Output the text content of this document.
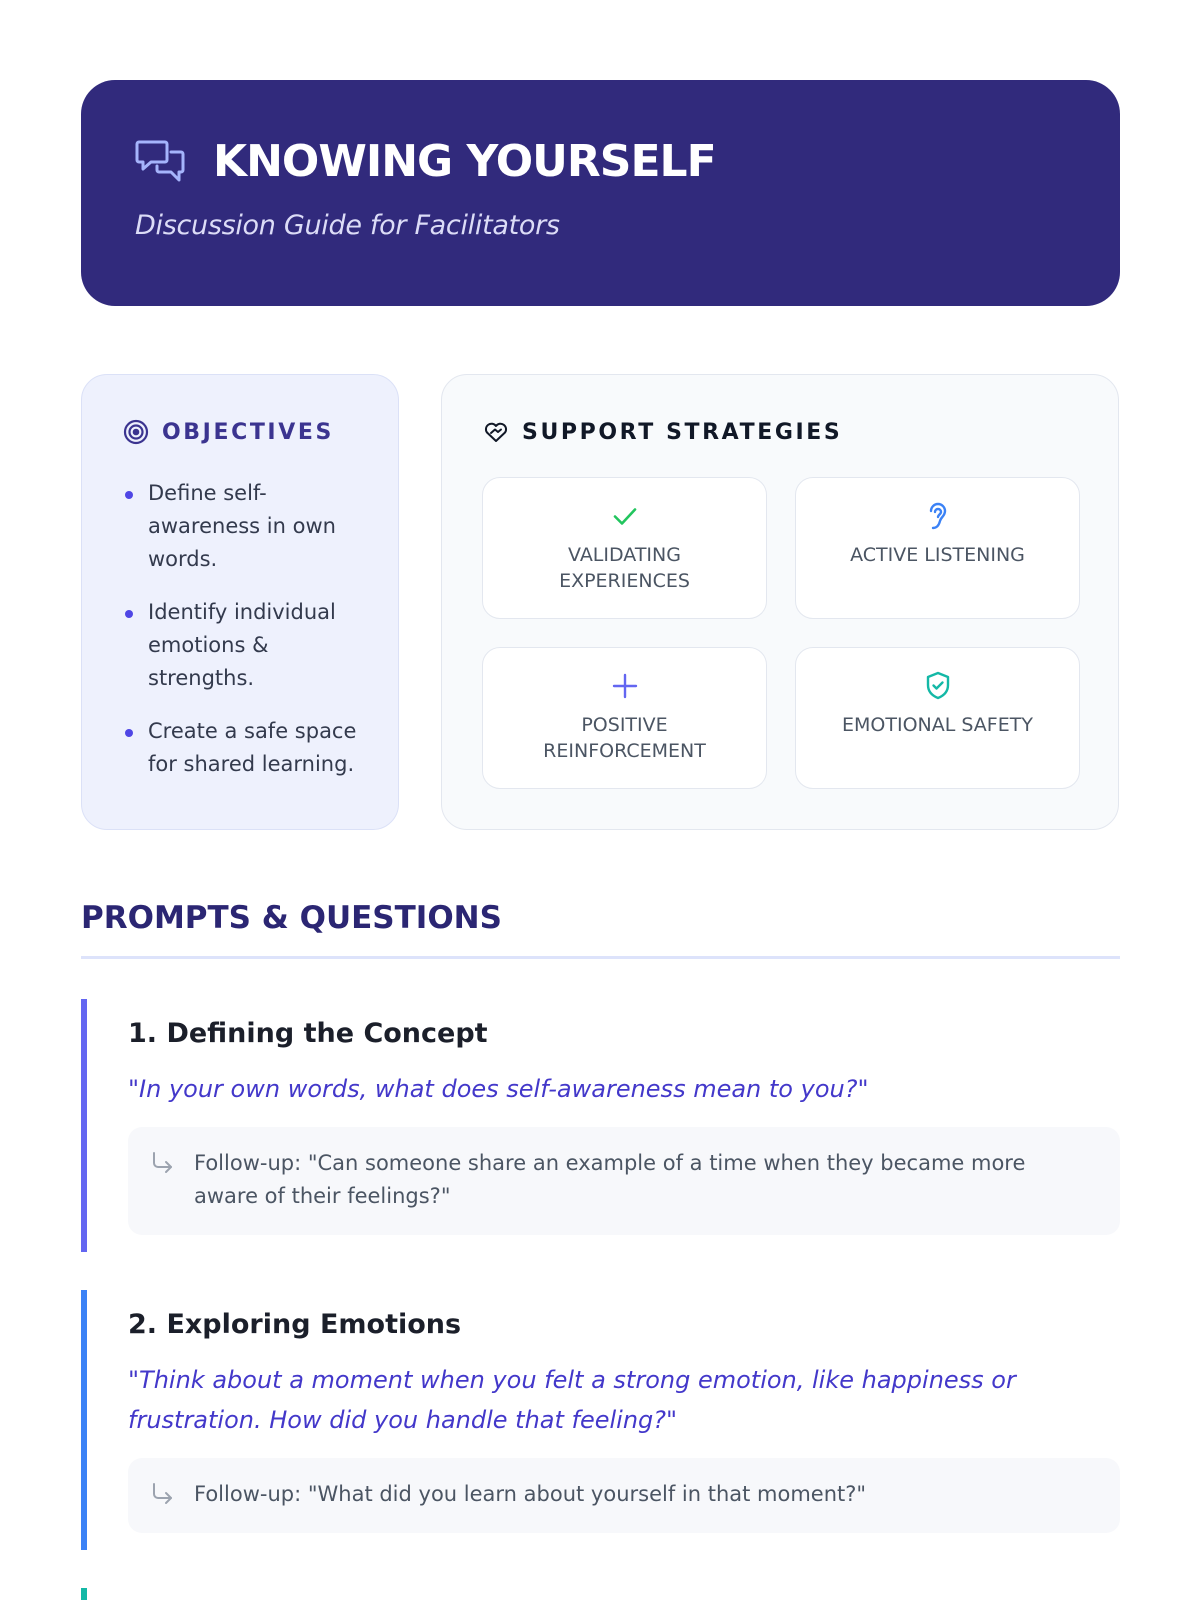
KNOWING YOURSELF
Discussion Guide for Facilitators
OBJECTIVES
Define self-awareness in own words.
Identify individual emotions & strengths.
Create a safe space for shared learning.
SUPPORT STRATEGIES
VALIDATING EXPERIENCES
ACTIVE LISTENING
POSITIVE REINFORCEMENT
EMOTIONAL SAFETY
PROMPTS & QUESTIONS
1. Defining the Concept
"In your own words, what does self-awareness mean to you?"
Follow-up: "Can someone share an example of a time when they became more aware of their feelings?"
2. Exploring Emotions
"Think about a moment when you felt a strong emotion, like happiness or frustration. How did you handle that feeling?"
Follow-up: "What did you learn about yourself in that moment?"
